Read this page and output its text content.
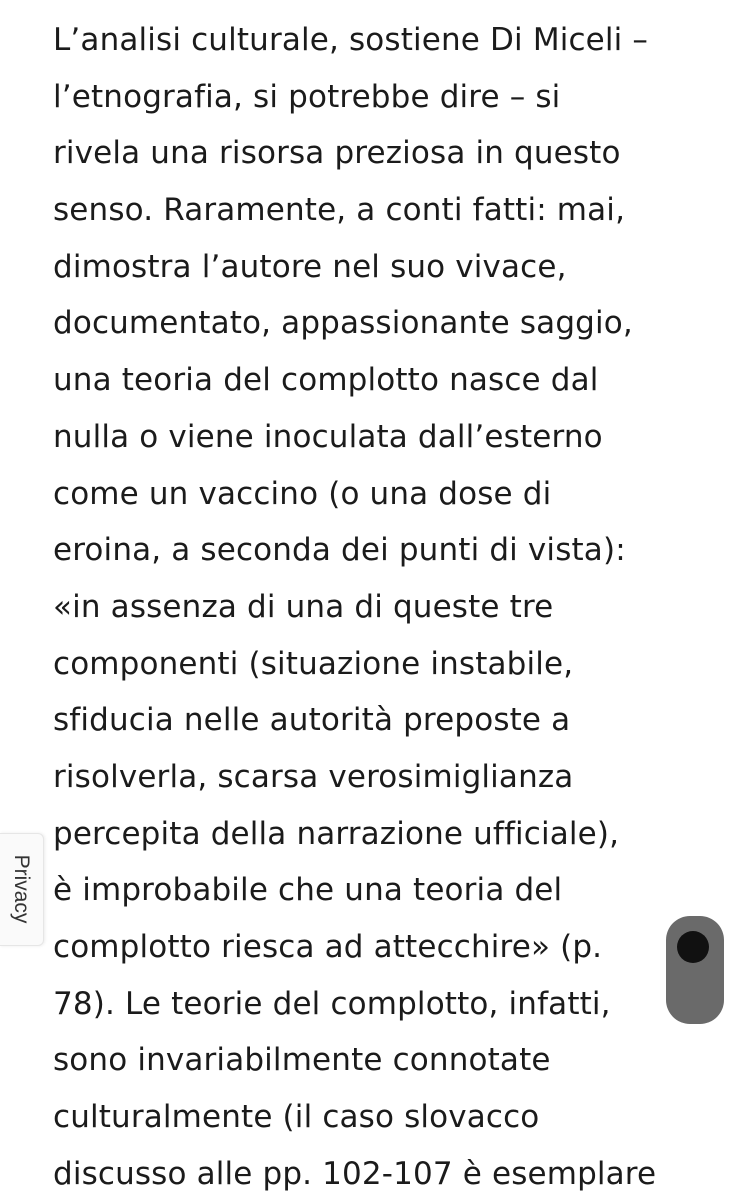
L’analisi culturale, sostiene Di Miceli –
l’etnografia, si potrebbe dire – si
rivela una risorsa preziosa in questo
senso. Raramente, a conti fatti: mai,
dimostra l’autore nel suo vivace,
documentato, appassionante saggio,
una teoria del complotto nasce dal
nulla o viene inoculata dall’esterno
come un vaccino (o una dose di
eroina, a seconda dei punti di vista):
«in assenza di una di queste tre
componenti (situazione instabile,
sfiducia nelle autorità preposte a
risolverla, scarsa verosimiglianza
percepita della narrazione ufficiale),
è improbabile che una teoria del
complotto riesca ad attecchire» (p.
78). Le teorie del complotto, infatti,
sono invariabilmente connotate
culturalmente (il caso slovacco
discusso alle pp. 102-107 è esemplare
Privacy
